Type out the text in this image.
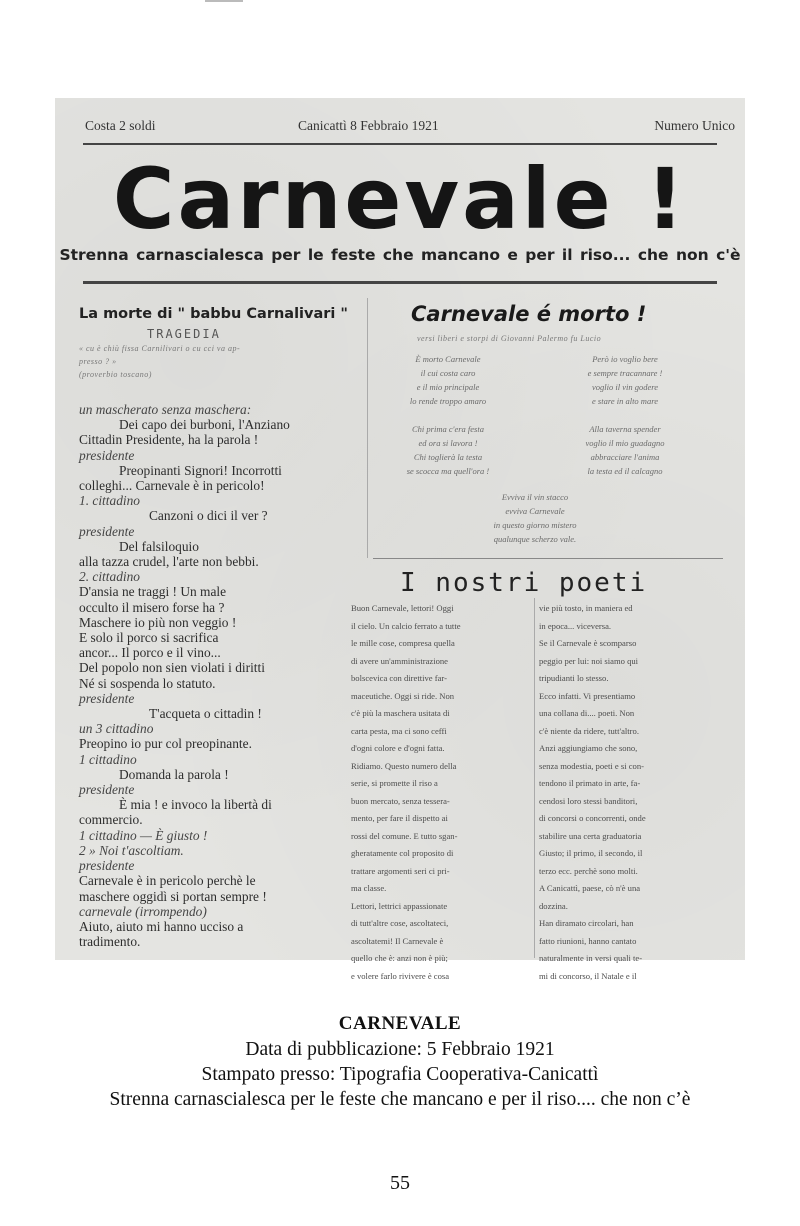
Costa 2 soldi	Canicattì 8 Febbraio 1921	Numero Unico
Carnevale !
Strenna carnascialesca per le feste che mancano e per il riso... che non c'è
La morte di " babbu Carnalivari "
TRAGEDIA
« cu è chiù fissa Carnilivari o cu cci va ap-
presso ? »
(proverbio toscano)
un mascherato senza maschera:
Dei capo dei burboni, l'Anziano
Cittadin Presidente, ha la parola !
presidente
Preopinanti Signori! Incorrotti
colleghi... Carnevale è in pericolo!
1. cittadino
Canzoni o dici il ver ?
presidente
Del falsiloquio
alla tazza crudel, l'arte non bebbi.
2. cittadino
D'ansia ne traggi ! Un male
occulto il misero forse ha ?
Maschere io più non veggio !
E solo il porco si sacrifica
ancor... Il porco e il vino...
Del popolo non sien violati i diritti
Né si sospenda lo statuto.
presidente
T'acqueta o cittadin !
un 3 cittadino
Preopino io pur col preopinante.
1 cittadino
Domanda la parola !
presidente
È mia ! e invoco la libertà di
commercio.
1 cittadino — È giusto !
2 » Noi t'ascoltiam.
presidente
Carnevale è in pericolo perchè le
maschere oggidì si portan sempre !
carnevale (irrompendo)
Aiuto, aiuto mi hanno ucciso a
tradimento.
Carnevale é morto !
versi liberi e storpi di Giovanni Palermo fu Lucio
È morto Carnevale
il cui costa caro
e il mio principale
lo rende troppo amaro

Chi prima c'era festa
ed ora si lavora !
Chi toglierà la testa
se scocca ma quell'ora !
Però io voglio bere
e sempre tracannare !
voglio il vin godere
e stare in alto mare

Alla taverna spender
voglio il mio guadagno
abbracciare l'anima
la testa ed il calcagno
Evviva il vin stacco
evviva Carnevale
in questo giorno mistero
qualunque scherzo vale.
I nostri poeti
Buon Carnevale, lettori! Oggi
il cielo. Un calcio ferrato a tutte
le mille cose, compresa quella
di avere un'amministrazione
bolscevica con direttive far-
maceutiche. Oggi si ride. Non
c'è più la maschera usitata di
carta pesta, ma ci sono ceffi
d'ogni colore e d'ogni fatta.
Ridiamo. Questo numero della
serie, si promette il riso a
buon mercato, senza tessera-
mento, per fare il dispetto ai
rossi del comune. E tutto sgan-
gheratamente col proposito di
trattare argomenti seri ci pri-
ma classe.
Lettori, lettrici appassionate
di tutt'altre cose, ascoltateci,
ascoltatemi! Il Carnevale è
quello che è: anzi non è più;
e volere farlo rivivere è cosa
vie più tosto, in maniera ed
in epoca... viceversa.
Se il Carnevale è scomparso
peggio per lui: noi siamo qui
tripudianti lo stesso.
Ecco infatti. Vi presentiamo
una collana di.... poeti. Non
c'è niente da ridere, tutt'altro.
Anzi aggiungiamo che sono,
senza modestia, poeti e si con-
tendono il primato in arte, fa-
cendosi loro stessi banditori,
di concorsi o concorrenti, onde
stabilire una certa graduatoria
Giusto; il primo, il secondo, il
terzo ecc. perchè sono molti.
A Canicattì, paese, cò n'è una
dozzina.
Han diramato circolari, han
fatto riunioni, hanno cantato
naturalmente in versi quali te-
mi di concorso, il Natale e il
CARNEVALE
Data di pubblicazione: 5 Febbraio 1921
Stampato presso: Tipografia Cooperativa-Canicattì
Strenna carnascialesca per le feste che mancano e per il riso.... che non c’è
55
